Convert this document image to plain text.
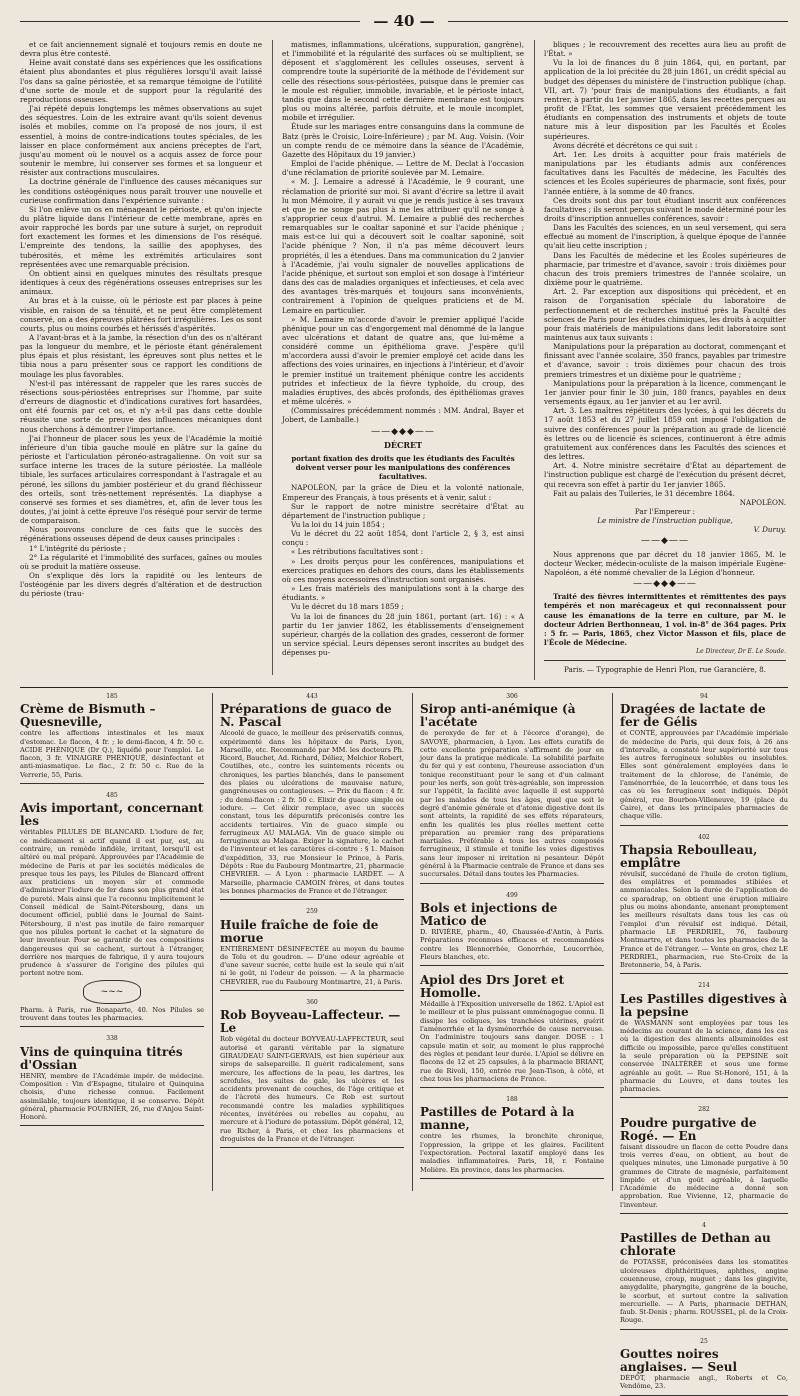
— 40 —

et ce fait anciennement signalé et toujours remis en doute ne devra plus être contesté.

Heine avait constaté dans ses expériences que les ossifications étaient plus abondantes et plus régulières lorsqu'il avait laissé l'os dans sa gaîne périostée, et sa remarque témoigne de l'utilité d'une sorte de moule et de support pour la régularité des reproductions osseuses.

J'ai répété depuis longtemps les mêmes observations au sujet des séquestres. Loin de les extraire avant qu'ils soient devenus isolés et mobiles, comme on l'a proposé de nos jours, il est essentiel, à moins de contre-indications toutes spéciales, de les laisser en place conformément aux anciens préceptes de l'art, jusqu'au moment où le nouvel os a acquis assez de force pour soutenir le membre, lui conserver ses formes et sa longueur et résister aux contractions musculaires.

La doctrine générale de l'influence des causes mécaniques sur les conditions ostéogéniques nous paraît trouver une nouvelle et curieuse confirmation dans l'expérience suivante :

Si l'on enlève un os en ménageant le périoste, et qu'on injecte du plâtre liquide dans l'intérieur de cette membrane, après en avoir rapproché les bords par une suture à surjet, on reproduit fort exactement les formes et les dimensions de l'os réséqué. L'empreinte des tendons, la saillie des apophyses, des tubérosités, et même les extrémités articulaires sont représentées avec une remarquable précision.

On obtient ainsi en quelques minutes des résultats presque identiques à ceux des régénérations osseuses entreprises sur les animaux.

Au bras et à la cuisse, où le périoste est par places à peine visible, en raison de sa ténuité, et ne peut être complètement conservé, on a des épreuves plâtrées fort irrégulières. Les os sont courts, plus ou moins courbés et hérissés d'aspérités.

A l'avant-bras et à la jambe, la résection d'un des os n'altérant pas la longueur du membre, et le périoste étant généralement plus épais et plus résistant, les épreuves sont plus nettes et le tibia nous a paru présenter sous ce rapport les conditions de moulage les plus favorables.

N'est-il pas intéressant de rappeler que les rares succès de résections sous-périostées entreprises sur l'homme, par suite d'erreurs de diagnostic et d'indications curatives fort hasardées, ont été fournis par cet os, et n'y a-t-il pas dans cette double réussite une sorte de preuve des influences mécaniques dont nous cherchons à démontrer l'importance.

J'ai l'honneur de placer sous les yeux de l'Académie la moitié inférieure d'un tibia gauche moulé en plâtre sur la gaîne du périoste et l'articulation péronéo-astragalienne. On voit sur sa surface interne les traces de la suture périostée. La malléole tibiale, les surfaces articulaires correspondant à l'astragale et au péroné, les sillons du jambier postérieur et du grand fléchisseur des orteils, sont très-nettement représentés. La diaphyse a conservé ses formes et ses diamètres, et, afin de lever tous les doutes, j'ai joint à cette épreuve l'os réséqué pour servir de terme de comparaison.

Nous pouvons conclure de ces faits que le succès des régénérations osseuses dépend de deux causes principales :

1° L'intégrité du périoste ;

2° La régularité et l'immobilité des surfaces, gaînes ou moules où se produit la matière osseuse.

On s'explique dès lors la rapidité ou les lenteurs de l'ostéogénie par les divers degrés d'altération et de destruction du périoste (trau-

matismes, inflammations, ulcérations, suppuration, gangrène), et l'immobilité et la régularité des surfaces où se multiplient, se déposent et s'agglomèrent les cellules osseuses, servent à comprendre toute la supériorité de la méthode de l'évidement sur celle des résections sous-périostées, puisque dans le premier cas le moule est régulier, immobile, invariable, et le périoste intact, tandis que dans le second cette dernière membrane est toujours plus ou moins altérée, parfois détruite, et le moule incomplet, mobile et irrégulier.

Étude sur les mariages entre consanguins dans la commune de Batz (près le Croisic, Loire-Inférieure) ; par M. Aug. Voisin. (Voir un compte rendu de ce mémoire dans la séance de l'Académie, Gazette des Hôpitaux du 19 janvier.)

Emploi de l'acide phénique. — Lettre de M. Declat à l'occasion d'une réclamation de priorité soulevée par M. Lemaire.

« M. J. Lemaire a adressé à l'Académie, le 9 courant, une réclamation de priorité sur moi. Si avant d'écrire sa lettre il avait lu mon Mémoire, il y aurait vu que je rends justice à ses travaux et que je ne songe pas plus à me les attribuer qu'il ne songe à s'approprier ceux d'autrui. M. Lemaire a publié des recherches remarquables sur le coaltar saponiné et sur l'acide phénique ; mais est-ce lui qui a découvert soit le coaltar saponiné, soit l'acide phénique ? Non, il n'a pas même découvert leurs propriétés, il les a étendues. Dans ma communication du 2 janvier à l'Académie, j'ai voulu signaler de nouvelles applications de l'acide phénique, et surtout son emploi et son dosage à l'intérieur dans des cas de maladies organiques et infectieuses, et cela avec des avantages très-marqués et toujours sans inconvénients, contrairement à l'opinion de quelques praticiens et de M. Lemaire en particulier.

» M. Lemaire m'accorde d'avoir le premier appliqué l'acide phénique pour un cas d'engorgement mal dénommé de la langue avec ulcérations et datant de quatre ans, que lui-même a considéré comme un épithélioma grave. J'espère qu'il m'accordera aussi d'avoir le premier employé cet acide dans les affections des voies urinaires, en injections à l'intérieur, et d'avoir le premier institué un traitement phénique contre les accidents putrides et infectieux de la fièvre typhoïde, du croup, des maladies éruptives, des abcès profonds, des épithéliomas graves et même ulcérés. »

(Commissaires précédemment nommés : MM. Andral, Bayer et Jobert, de Lamballe.)

——◆◆◆——
DÉCRET
portant fixation des droits que les étudiants des Facultés doivent verser pour les manipulations des conférences facultatives.

NAPOLÉON, par la grâce de Dieu et la volonté nationale, Empereur des Français, à tous présents et à venir, salut :

Sur le rapport de notre ministre secrétaire d'État au département de l'instruction publique ;

Vu la loi du 14 juin 1854 ;

Vu le décret du 22 août 1854, dont l'article 2, § 3, est ainsi conçu :

« Les rétributions facultatives sont :

» Les droits perçus pour les conférences, manipulations et exercices pratiques en dehors des cours, dans les établissements où ces moyens accessoires d'instruction sont organisés.

» Les frais matériels des manipulations sont à la charge des étudiants. »

Vu le décret du 18 mars 1859 ;

Vu la loi de finances du 28 juin 1861, portant (art. 16) : « A partir du 1er janvier 1862, les établissements d'enseignement supérieur, chargés de la collation des grades, cesseront de former un service spécial. Leurs dépenses seront inscrites au budget des dépenses pu-

bliques ; le recouvrement des recettes aura lieu au profit de l'État. »

Vu la loi de finances du 8 juin 1864, qui, en portant, par application de la loi précitée du 28 juin 1861, un crédit spécial au budget des dépenses du ministère de l'instruction publique (chap. VII, art. 7) 'pour frais de manipulations des étudiants, a fait rentrer, à partir du 1er janvier 1865, dans les recettes perçues au profit de l'État, les sommes que versaient précédemment les étudiants en compensation des instruments et objets de toute nature mis à leur disposition par les Facultés et Écoles supérieures.

Avons décrété et décrétons ce qui suit :

Art. 1er. Les droits à acquitter pour frais matériels de manipulations par les étudiants admis aux conférences facultatives dans les Facultés de médecine, les Facultés des sciences et les Écoles supérieures de pharmacie, sont fixés, pour l'année entière, à la somme de 40 francs.

Ces droits sont dus par tout étudiant inscrit aux conférences facultatives ; ils seront perçus suivant le mode déterminé pour les droits d'inscription annuelles conférences, savoir :

Dans les Facultés des sciences, en un seul versement, qui sera effectué au moment de l'inscription, à quelque époque de l'année qu'ait lieu cette inscription ;

Dans les Facultés de médecine et les Écoles supérieures de pharmacie, par trimestre et d'avance, savoir : trois dixièmes pour chacun des trois premiers trimestres de l'année scolaire, un dixième pour le quatrième.

Art. 2. Par exception aux dispositions qui précèdent, et en raison de l'organisation spéciale du laboratoire de perfectionnement et de recherches institué près la Faculté des sciences de Paris pour les études chimiques, les droits à acquitter pour frais matériels de manipulations dans ledit laboratoire sont maintenus aux taux suivants :

Manipulations pour la préparation au doctorat, commençant et finissant avec l'année scolaire, 350 francs, payables par trimestre et d'avance, savoir : trois dixièmes pour chacun des trois premiers trimestres et un dixième pour le quatrième ;

Manipulations pour la préparation à la licence, commençant le 1er janvier pour finir le 30 juin, 180 francs, payables en deux versements égaux, au 1er janvier et au 1er avril.

Art. 3. Les maîtres répétiteurs des lycées, à qui les décrets du 17 août 1853 et du 27 juillet 1859 ont imposé l'obligation de suivre des conférences pour la préparation au grade de licencié ès lettres ou de licencié ès sciences, continueront à être admis gratuitement aux conférences dans les Facultés des sciences et des lettres.

Art. 4. Notre ministre secrétaire d'État au département de l'instruction publique est chargé de l'exécution du présent décret, qui recevra son effet à partir du 1er janvier 1865.

Fait au palais des Tuileries, le 31 décembre 1864.

NAPOLÉON.

Par l'Empereur :

Le ministre de l'instruction publique,

V. Duruy.

——◆——

Nous apprenons que par décret du 18 janvier 1865, M. le docteur Wecker, médecin-oculiste de la maison impériale Eugène-Napoléon, a été nommé chevalier de la Légion d'honneur.

——◆◆◆——

Traité des fièvres intermittentes et rémittentes des pays tempérés et non marécageux et qui reconnaissent pour cause les émanations de la terre en culture, par M. le docteur Adrien Berthonneau, 1 vol. in-8° de 364 pages. Prix : 5 fr. — Paris, 1865, chez Victor Masson et fils, place de l'École de Médecine.

Le Directeur, Dr E. Le Soude.

Paris. — Typographie de Henri Plon, rue Garancière, 8.

185
Crème de Bismuth – Quesneville,

contre les affections intestinales et les maux d'estomac. Le flacon, 4 fr. ; le demi-flacon, 4 fr. 50 c. ACIDE PHÉNIQUE (Dr Q.), liquéfié pour l'emploi. Le flacon, 3 fr. VINAIGRE PHÉNIQUÉ, désinfectant et anti-miasmatique. Le flac., 2 fr. 50 c. Rue de la Verrerie, 55, Paris.

485
Avis important, concernant les

véritables PILULES DE BLANCARD. L'iodure de fer, ce médicament si actif quand il est pur, est, au contraire, un remède infidèle, irritant, lorsqu'il est altéré ou mal préparé. Approuvées par l'Académie de médecine de Paris et par les sociétés médicales de presque tous les pays, les Pilules de Blancard offrent aux praticiens un moyen sûr et commode d'administrer l'iodure de fer dans son plus grand état de pureté. Mais ainsi que l'a reconnu implicitement le Conseil médical de Saint-Pétersbourg, dans un document officiel, publié dans le Journal de Saint-Pétersbourg, il n'est pas inutile de faire remarquer que nos pilules portent le cachet et la signature de leur inventeur. Pour se garantir de ces compositions dangereuses qui se cachent, surtout à l'étranger, derrière nos marques de fabrique, il y aura toujours prudence à s'assurer de l'origine des pilules qui portent notre nom.

~~~

Pharm. à Paris, rue Bonaparte, 40. Nos Pilules se trouvent dans toutes les pharmacies.

338
Vins de quinquina titrés d'Ossian

HENRY, membre de l'Académie impér. de médecine. Composition : Vin d'Espagne, titulaire et Quinquina choisis, d'une richesse connue. Facilement assimilable, toujours identique, il se conserve. Dépôt général, pharmacie FOURNIER, 26, rue d'Anjou Saint-Honoré.

443
Préparations de guaco de N. Pascal

Alcoolé de guaco, le meilleur des préservatifs connus, expérimenté dans les hôpitaux de Paris, Lyon, Marseille, etc. Recommandé par MM. les docteurs Ph. Ricord, Bauchet, Ad. Richard, Déliez, Melchior Robert, Coutilhes, etc., contre les suintements récents ou chroniques, les parties blanchés, dans le pansement des plaies ou ulcérations de mauvaise nature, gangréneuses ou contagieuses. — Prix du flacon : 4 fr. ; du demi-flacon : 2 fr. 50 c. Elixir de guaco simple ou iodure. — Cet élixir remplace, avec un succès constant, tous les dépuratifs préconisés contre les accidents tertiaires. Vin de guaco simple ou ferrugineux AU MALAGA. Vin de guaco simple ou ferrugineux au Malaga. Exiger la signature, le cachet de l'inventeur et les caractères ci-contre : § 1. Maison d'expédition, 33, rue Monsieur le Prince, à Paris. Dépôts : Rue du Faubourg Montmartre, 21, pharmacie CHEVRIER. — A Lyon : pharmacie LARDET. — A Marseille, pharmacie CAMOIN frères, et dans toutes les bonnes pharmacies de France et de l'étranger.

259
Huile fraîche de foie de morue

ENTIÈREMENT DÉSINFECTÉE au moyen du baume de Tolu et du goudron. — D'une odeur agréable et d'une saveur sucrée, cette huile est la seule qui n'ait ni le goût, ni l'odeur de poisson. — A la pharmacie CHEVRIER, rue du Faubourg Montmartre, 21, à Paris.

360
Rob Boyveau-Laffecteur. — Le

Rob végétal du docteur BOYVEAU-LAFFECTEUR, seul autorisé et garanti véritable par la signature GIRAUDEAU SAINT-GERVAIS, est bien supérieur aux sirops de salsepareille. Il guérit radicalement, sans mercure, les affections de la peau, les dartres, les scrofules, les suites de gale, les ulcères et les accidents provenant de couches, de l'âge critique et de l'âcreté des humeurs. Ce Rob est surtout recommandé contre les maladies syphilitiques récentes, invétérées ou rebelles au copahu, au mercure et à l'iodure de potassium. Dépôt général, 12, rue Richer, à Paris, et chez les pharmaciens et droguistes de la France et de l'étranger.

306
Sirop anti-anémique (à l'acétate

de peroxyde de fer et à l'écorce d'orange), de SAVOYE, pharmacien, à Lyon. Les effets curatifs de cette excellente préparation s'affirment de jour en jour dans la pratique médicale. La solubilité parfaite du fer qui y est contenu, l'heureuse association d'un tonique reconstituant pour le sang et d'un calmant pour les nerfs, son goût très-agréable, son impression sur l'appétit, la facilité avec laquelle il est supporté par les malades de tous les âges, quel que soit le degré d'anémie générale et d'atonie digestive dont ils sont atteints, la rapidité de ses effets réparateurs, enfin les qualités les plus réelles mettent cette préparation au premier rang des préparations martiales. Préférable à tous les autres composés ferrugineux, il stimule et tonifie les voies digestives sans leur imposer ni irritation ni pesanteur. Dépôt général à la Pharmacie centrale de France et dans ses succursales. Détail dans toutes les Pharmacies.

499
Bols et injections de Matico de

D. RIVIÈRE, pharm., 40, Chaussée-d'Antin, à Paris. Préparations reconnues efficaces et recommandées contre les Blennorrhée, Gonorrhée, Leucorrhée, Fleurs blanches, etc.

Apiol des Drs Joret et Homolle.

Médaille à l'Exposition universelle de 1862. L'Apiol est le meilleur et le plus puissant emménagogue connu. Il dissipe les coliques, les tranchées utérines, guérit l'aménorrhée et la dysménorrhée de cause nerveuse. On l'administre toujours sans danger. DOSE : 1 capsule matin et soir, au moment le plus rapproché des règles et pendant leur durée. L'Apiol se délivre en flacons de 12 et 25 capsules, à la pharmacie BRIANT, rue de Rivoli, 150, entrée rue Jean-Tison, à côté, et chez tous les pharmaciens de France.

188
Pastilles de Potard à la manne,

contre les rhumes, la bronchite chronique, l'oppression, la grippe et les glaires. Facilitent l'expectoration. Pectoral laxatif employé dans les maladies inflammatoires. Paris, 18, r. Fontaine Molière. En province, dans les pharmacies.

94
Dragées de lactate de fer de Gélis

et CONTÉ, approuvées par l'Académie impériale de médecine de Paris, qui deux fois, à 26 ans d'intervalle, a constaté leur supériorité sur tous les autres ferrugineux solubles ou insolubles. Elles sont généralement employées dans le traitement de la chlorose, de l'anémie, de l'aménorrhée, de la leucorrhée, et dans tous les cas où les ferrugineux sont indiqués. Dépôt général, rue Bourbon-Villeneuve, 19 (place du Caire), et dans les principales pharmacies de chaque ville.

402
Thapsia Reboulleau, emplâtre

révulsif, succédané de l'huile de croton tiglium, des emplâtres et pommades stibiées et ammoniacales. Selon la durée de l'application de ce sparadrap, on obtient une éruption miliaire plus ou moins abondante, amenant promptement les meilleurs résultats dans tous les cas où l'emploi d'un révulsif est indiqué. Détail, pharmacie LE PERDRIEL, 76, faubourg Montmartre, et dans toutes les pharmacies de la France et de l'étranger. — Vente en gros, chez LE PERDRIEL, pharmacien, rue Ste-Croix de la Bretonnerie, 54, à Paris.

214
Les Pastilles digestives à la pepsine

de WASMANN sont employées par tous les médecins au courant de la science, dans les cas où la digestion des aliments albuminoïdes est difficile ou impossible, parce qu'elles constituent la seule préparation où la PEPSINE soit conservée INALTÉRÉE et sous une forme agréable au goût. — Rue St-Honoré, 151, à la pharmacie du Louvre, et dans toutes les pharmacies.

282
Poudre purgative de Rogé. — En

faisant dissoudre un flacon de cette Poudre dans trois verres d'eau, on obtient, au bout de quelques minutes, une Limonade purgative à 50 grammes de Citrate de magnésie, parfaitement limpide et d'un goût agréable, à laquelle l'Académie de médecine a donné son approbation. Rue Vivienne, 12, pharmacie de l'inventeur.

4
Pastilles de Dethan au chlorate

de POTASSE, préconisées dans les stomatites ulcéreuses diphthéritiques, aphthes, angine couenneuse, croup, muguet ; dans les gingivite, amygdalite, pharyngite, gangrène de la bouche, le scorbut, et surtout contre la salivation mercurielle. — A Paris, pharmacie DETHAN, faub. St-Denis ; pharm. ROUSSEL, pl. de la Croix-Rouge.

25
Gouttes noires anglaises. — Seul

DÉPÔT, pharmacie angl., Roberts et Co, Vendôme, 23.
